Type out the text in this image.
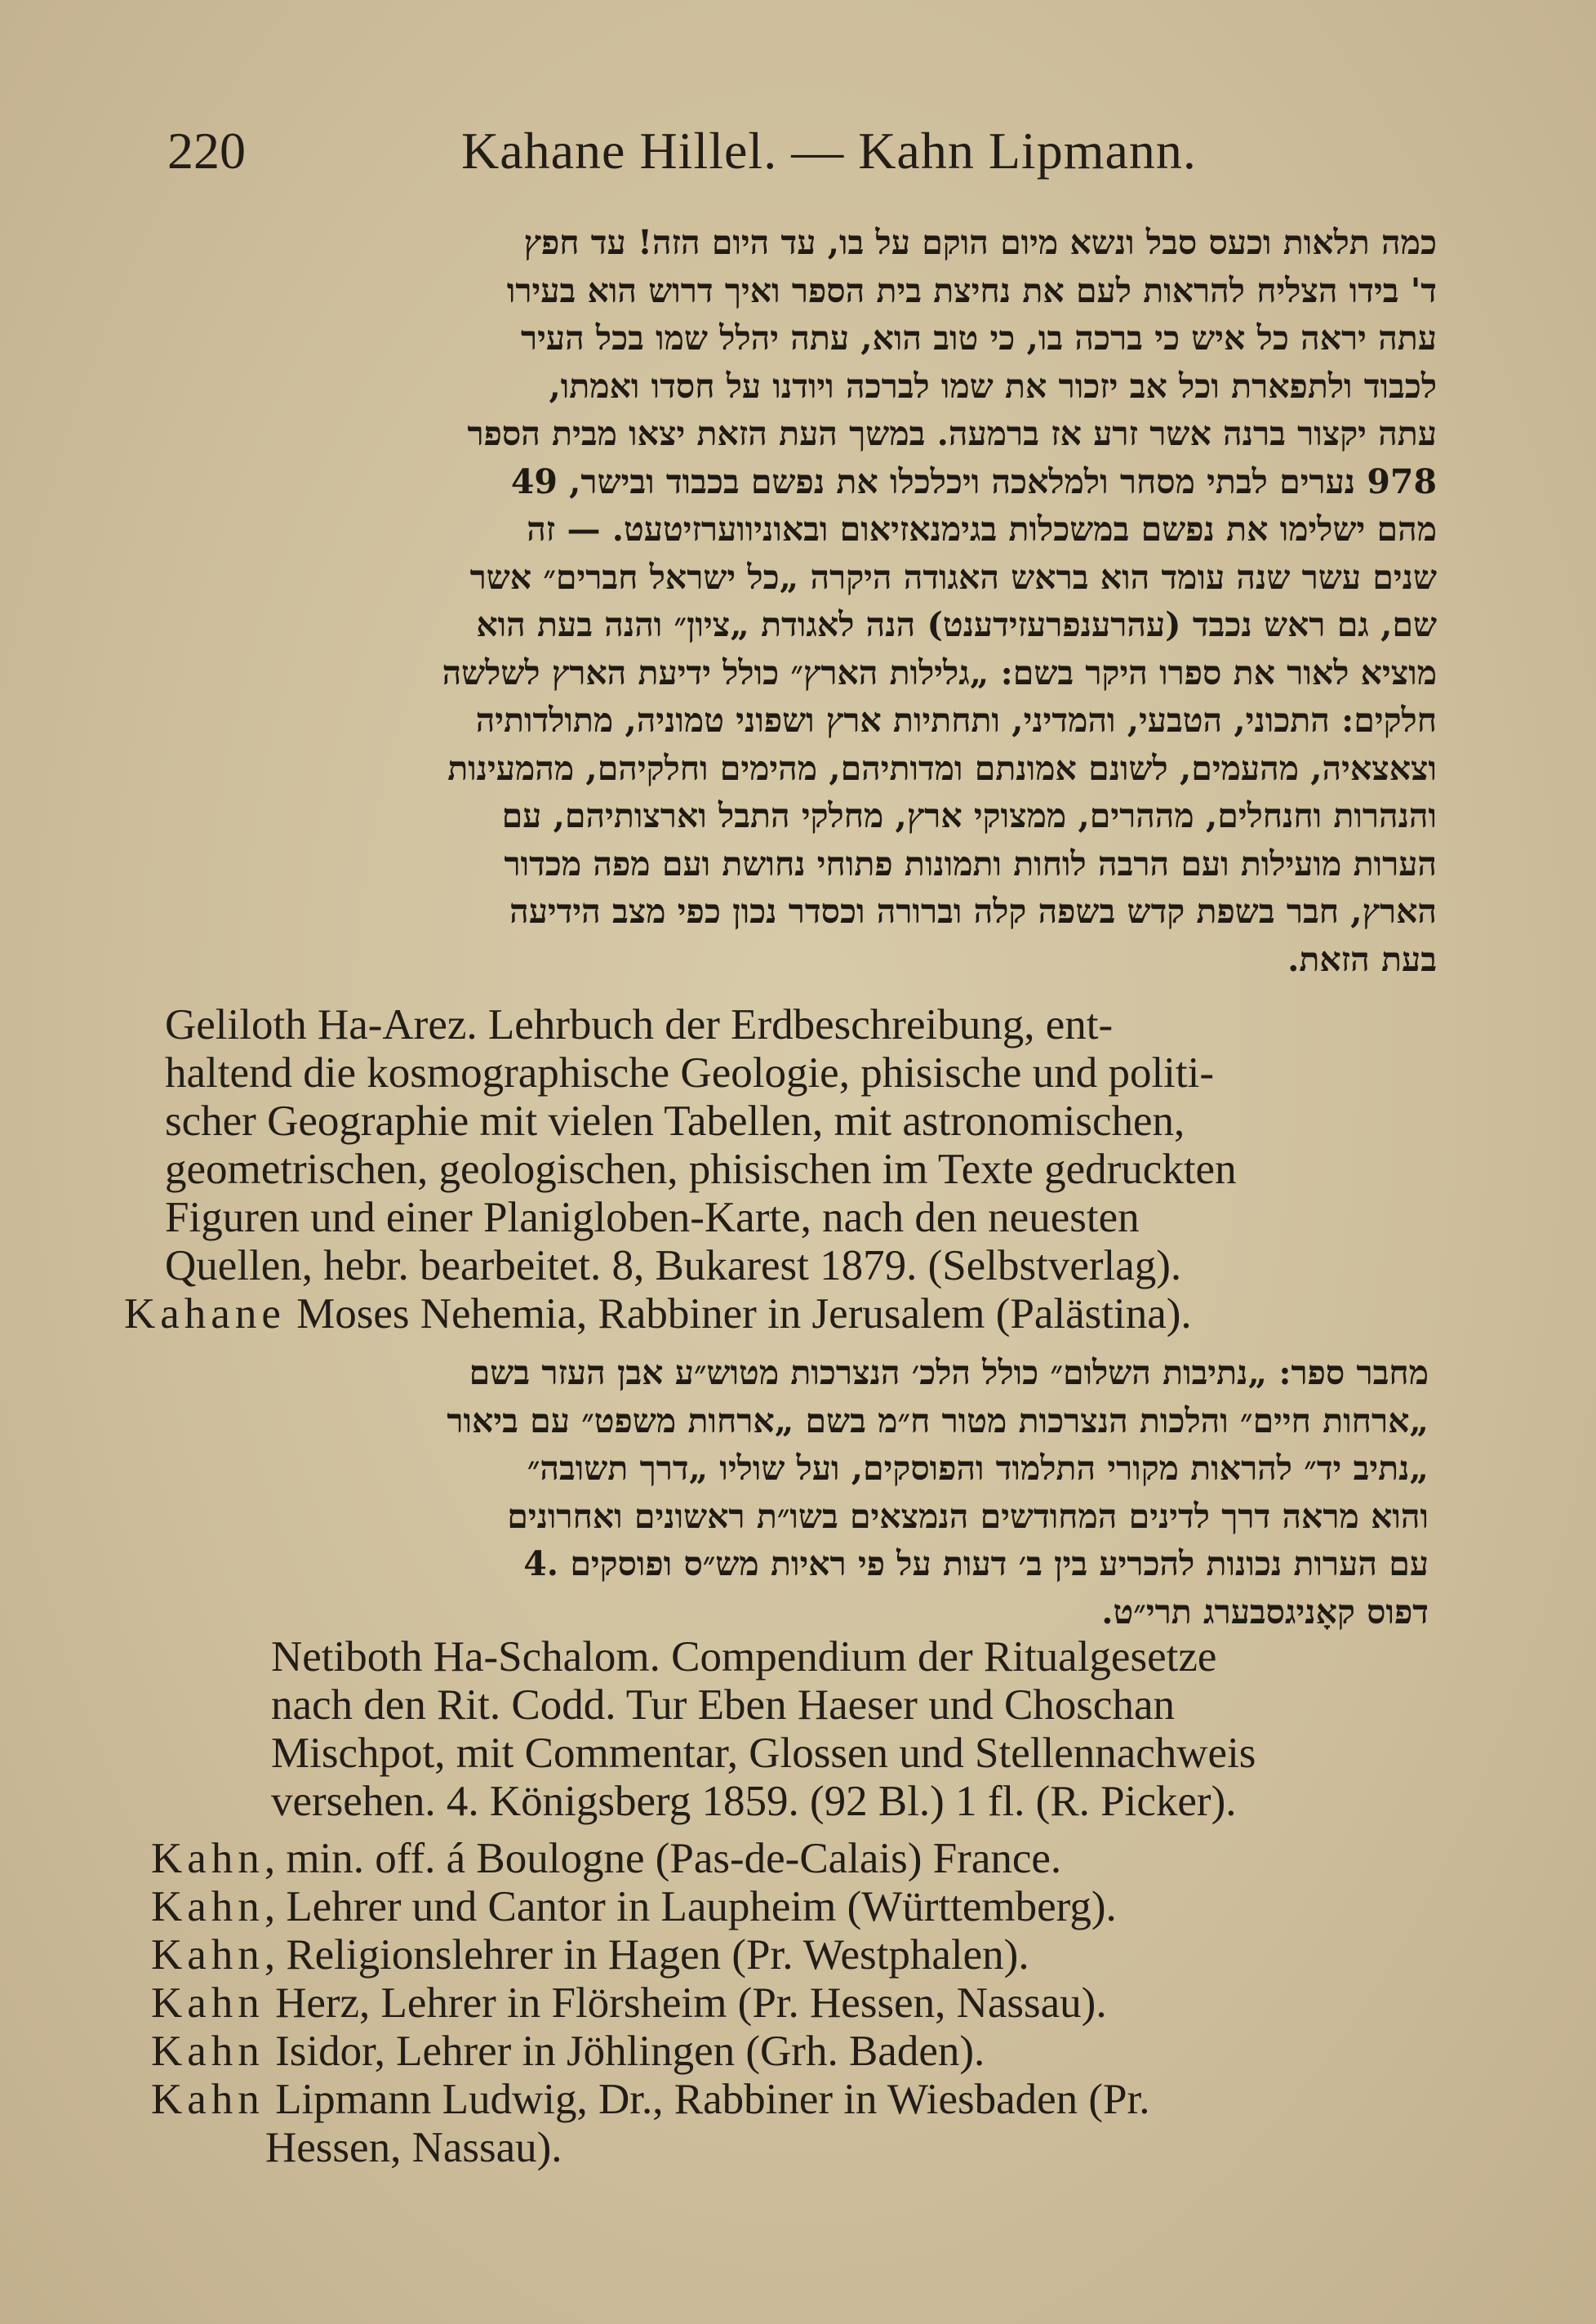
220	Kahane Hillel. — Kahn Lipmann.
כמה תלאות וכעס סבל ונשא מיום הוקם על בו, עד היום הזה! עד חפץ
ד' בידו הצליח להראות לעם את נחיצת בית הספר ואיך דרוש הוא בעירו
עתה יראה כל איש כי ברכה בו, כי טוב הוא, עתה יהלל שמו בכל העיר
לכבוד ולתפארת וכל אב יזכור את שמו לברכה ויודנו על חסדו ואמתו,
עתה יקצור ברנה אשר זרע אז ברמעה. במשך העת הזאת יצאו מבית הספר
978 נערים לבתי מסחר ולמלאכה ויכלכלו את נפשם בכבוד ובישר, 49
מהם ישלימו את נפשם במשכלות בגימנאזיאום ובאוניווערזיטעט. — זה
שנים עשר שנה עומד הוא בראש האגודה היקרה „כל ישראל חברים״ אשר
שם, גם ראש נכבד (עהרענפרעזידענט) הנה לאגודת „ציון״ והנה בעת הוא
מוציא לאור את ספרו היקר בשם: „גלילות הארץ״ כולל ידיעת הארץ לשלשה
חלקים: התכוני, הטבעי, והמדיני, ותחתיות ארץ ושפוני טמוניה, מתולדותיה
וצאצאיה, מהעמים, לשונם אמונתם ומדותיהם, מהימים וחלקיהם, מהמעינות
והנהרות וחנחלים, מההרים, ממצוקי ארץ, מחלקי התבל וארצותיהם, עם
הערות מועילות ועם הרבה לוחות ותמונות פתוחי נחושת ועם מפה מכדור
הארץ, חבר בשפת קדש בשפה קלה וברורה וכסדר נכון כפי מצב הידיעה
בעת הזאת.
Geliloth Ha-Arez. Lehrbuch der Erdbeschreibung, ent-
haltend die kosmographische Geologie, phisische und politi-
scher Geographie mit vielen Tabellen, mit astronomischen,
geometrischen, geologischen, phisischen im Texte gedruckten
Figuren und einer Planigloben-Karte, nach den neuesten
Quellen, hebr. bearbeitet. 8, Bukarest 1879. (Selbstverlag).
Kahane Moses Nehemia, Rabbiner in Jerusalem (Palästina).
מחבר ספר: „נתיבות השלום״ כולל הלכ׳ הנצרכות מטוש״ע אבן העזר בשם
„ארחות חיים״ והלכות הנצרכות מטור ח״מ בשם „ארחות משפט״ עם ביאור
„נתיב יד״ להראות מקורי התלמוד והפוסקים, ועל שוליו „דרך תשובה״
והוא מראה דרך לדינים המחודשים הנמצאים בשו״ת ראשונים ואחרונים
עם הערות נכונות להכריע בין ב׳ דעות על פי ראיות מש״ס ופוסקים .4
דפוס קאָניגסבערג תרי״ט.
Netiboth Ha-Schalom. Compendium der Ritualgesetze
nach den Rit. Codd. Tur Eben Haeser und Choschan
Mischpot, mit Commentar, Glossen und Stellennachweis
versehen. 4. Königsberg 1859. (92 Bl.) 1 fl. (R. Picker).
Kahn, min. off. á Boulogne (Pas-de-Calais) France.
Kahn, Lehrer und Cantor in Laupheim (Württemberg).
Kahn, Religionslehrer in Hagen (Pr. Westphalen).
Kahn Herz, Lehrer in Flörsheim (Pr. Hessen, Nassau).
Kahn Isidor, Lehrer in Jöhlingen (Grh. Baden).
Kahn Lipmann Ludwig, Dr., Rabbiner in Wiesbaden (Pr.
Hessen, Nassau).
